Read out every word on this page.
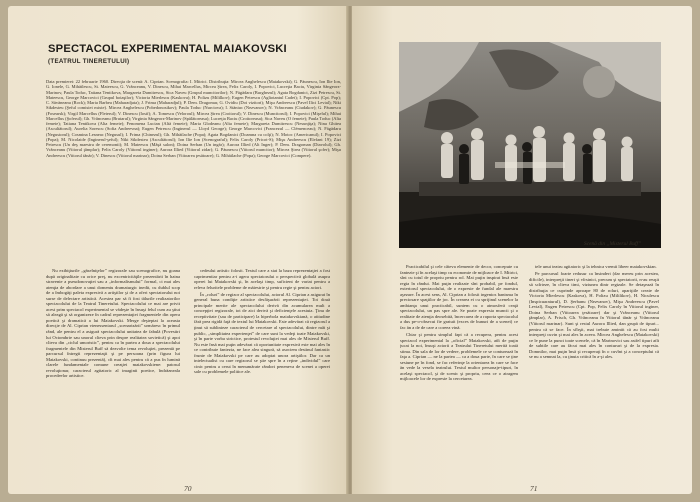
SPECTACOL EXPERIMENTAL MAIAKOVSKI
(TEATRUL TINERETULUI)
Data premierei: 22 februarie 1960. Direcţia de scenă: A. Ciprian. Scenografia: I. Mitrici. Distribuţia: Mircea Anghelescu (Maiakovski); G. Păunescu, Ion Ilie Ion, G. Ionele, G. Mihăilescu, St. Mateescu, G. Vrânceanu, V. Dinescu, Mihai Marcellus, Mircea Şirea, Felix Caroly, I. Popovici, Lucreţia Baciu, Virginia Sângeorz-Marinov, Paula Toduc, Tatiana Tentikova, Margareta Dumitrescu, Sica Naveu (Grupul muncitorilor); N. Făgădaru (Burghezul); Agata Bogdanici, Zizi Petrescu, St. Mateescu, George Marcovici (Grupul boiaşilor); Victoria Mierlescu (Kaskova); H. Polizu (Mililkov); Eugen Petrescu (Agliotantul Cadet); I. Popovici (Cpt. Pop); C. Săvăneanu (Rock); Maria Barbea (Maharadjata); J. Frima (Maharadjul); P. Dem. Dragomar, G. Ovidiu (Doi vizitori); Mişu Andreescu (Pavel Ilici Levial); Niki Sikdesteu (Şeful comisiei mixte). Mircea Anghelescu (Pobedonosikov); Paula Toduc (Nurciova); I. Stăniuc (Nezvanov); N. Vrânceanu (Ciudakov); G. Păunescu (Fosearsk); Virgil Marcellus (Fleierul); V. Dinescu (Iosif); A. Tomescu (Veloroul); Mircea Şirea (Croitorul); V. Dinescu (Muncitorul); I. Popovici (Mişelul); Mihai Marcellus (Şoferul); Gh. Vrânceanu (Brutarul); Virginia Sângeorz-Marinov (Spălătoreasa); Lucreţia Baciu (Croitoreasa); Sica Naveu (O femeie); Paula Toduc (Alta femeie); Tatiana Tentikova (Alta femeie); Fenomena Lucian (Altă femeie); Maria Glodeanu (Alta femeie); Margareta Dumitrescu (Nesunjiţa); Nina Ghitea (Ascultătorul); Aurelia Sorescu (Sofia Andreevna); Eugen Petrescu (Inginerul — Lloyd George); George Marcovici (Francezul — Clémenceau); N. Făgădaru (Negustorul); Cosmina Lesneac (Negusul); I. Frima (Chinezul); Gh. Mihăilache (Popa); Agata Bogdanici (Doamna cu colţi); N. Motoc (Americanul); I. Popovici (Popa); M. Nicolaide (Inginerul-şeful); Niki Sikdesteu (Ascultătorul); Ion Ilie Ion (Scenograful); Felix Caroly (Pricot-S); Mişu Andreescu (Elefant 19); Zizi Petrescu (Un deş maestru de ceremonii); M. Mateescu (Mâşă salon); Doina Serban (Un ingăr); Aurora Illied (Alt Inger); P. Dem. Dragoman (Diavolul); Gh. Vrânceanu (Viitorul ţâmplar); Felix Caroly (Viitorul inginer); Aurora Illied (Viitorul zidar); G. Păunescu (Viitorul muncitor); Mircea Şirea (Viitorul şofer); Mişu Andreescu (Viitorul tânăr); V. Dinescu (Viitorul marinar); Doina Serban (Viitoarea ţesătoare); G. Mihăilache (Popa); George Marcovici (Compere).

Nu exibiţiurile „găselniţelor” regizorale sau scenografice, nu goana după originalitate cu orice preţ, nu excentricităţile prezentării în haina stravenie a pseudonovaţiei sau a „informalismului” formal, ci mai ales atenţia de abordare a unui domeniu dramaturgic inedit, cu dublul scop de a îmbogăţi paleta expresivă a artiştilor şi de a oferi spectatorului noi surse de delectare artistică. Acestea par să fi fost tălurile realizatorilor spectacolului de la Teatrul Tineretului. Spectacolului ce mai are privit acest prim spectacol experimental se vădeşte în însuşi felul cum au ştiut să aleagă şi să organizeze în cadrul reprezentaţiei fragmentele din opera poetică şi dramatică a lui Maiakovski. Merge deşteptat la aceasta direcţie de Al. Ciprian vienessentarul „scenarizării” urmăresc în primul rând, ale pentru el a asigură spectacolului unitatea de fabulă (Povestiri lui Octombrie sau unorul clieva prin despre realitatea sovietică) şi apoi clieva din „ciclul umoristic”, pentru ca în partea a doua a spectacolului fragmentele din Misterul Buff să dezvolte tema revoluţiei, prezentă pe parcursul întregii reprezentaţii şi pe persoana (prin figura lui Maiakovski, continuu prezentă), cît mai ales pentru că a pus în lumină clarele fundamentale comune creaţiei maiakovskiene: patosul revoluţionar, caracterul agitatoric al imaginii poetice, îndrăzneala procedeelor artistice.

cedeului artistic folosit. Textul care a stat la baza reprezentaţiei a fost caprimentiar pentru a-i agera spectatorului o perspectivă globală asupra operei lui Maiakovski şi, în acelaşi timp, suficient de variat pentru a releva feluritele probleme de măiestrie şi pentru regie şi pentru actori.

În „roluri” de regizor al spectacolului, actorul Al. Ciprian a asigurat în general buna condiţie artistice desfăşurării reprezentaţiei. Tot două principale merite ale spectacolului derivă din acumularea mult a concepţiei regizorale, tot de aici derivă şi deficienţele acestuia. Ţinu de receptivitate (sau de participare) la hiperbola maiakovskiană, o atitudine fără prea rigidă faţă de textul lui Maiakovski. Este adevărat că regizorul a ţinut să sublinieze caracterul de cercetare al spectacolului, dintre mâi şi public, „simplitatea experienţei” de care sunt la vedeţi toate Maiakovski, şi în parte vorba strictice, protestul revoluţiei mai ales de Misterul Buff. Nu este însă mai puţin adevărat că oportunitate expresivă este mai ales în ce contribuie fantezia, ne face alea singură, să asociem destinul fantastic frunte de Maiakovski pe care au adoptat unora artiştilor. Dar ca un intelectualist cu care regizorul se ştie spre în a reţine „individul” care cinic pentru a cerut în menumărate rândori peneneva de scenei a operei sale cu problemele politice ale.

70
Scenă din „Misterul Buff”

Practicabilul şi cele câteva elemente de decor, concepute cu fantezie şi în acelaşi timp cu economie de mijloace de I. Mitrici, sînt cu totul de propriu pentru rol. Mai puţin inspirat însă este regia în rândui. Mai puţin realizate sînt probabil, pe fondul, exteriorul spectacolului, de o expresie de fundal ale maestru aşezare. În acest sens, Al. Ciprian a folosit ingenios banisma în preciosare spaţiilor de joc. În crearea ei cu sprijinul scenelor la ambianţa unui practicabil, suntem cu o atmosferă ceaţă spectacolului, un pas spre ale. Se poate expresia muncii şi o realitate de atenţia deosebită, încercarea de a raporta spectacolul a dus pe-o-obsecui fie gratuit (exces de bunuri de a scenei) ce fac ăn a de de care a coreea vină.

Chiar şi pentru simplul fapt că a recupera, pentru acest spectacol experimental la „oficial” Maiakovski, atît de puţin jucat la noi, însuşi actorii a Teatrului Tineretului merită toată stima. Din sala de lor de vedere, problemele ce se conturează în faţa a. Ciprian — ne la partea — ca a doua parte, în care se ţine sesiune pe în fond, se fac referinţe la orientarea în care se face ăn vede la vesela teatrului. Textul multor personaje-tipuri, în acelaşi spectacol, şi de scenic şi propriu, ceea ce o atragem mijloacele lor de expresie la cercetarea.

tele unui teatru agitatoric şi la tehnica vremii libeer maiakovskian.

Pe parcursul foarte redusur ca însinderi (dar mereu prin acestea, dificile), interpreţii tineri şi vîrstnici, precum şi spectatorii, n-au reuşit să scîrteze, în clieva timi, viziunea dintr regizale. Se detaşează în distribuţia ce cuprinde aproape 80 de roluri, apariţiile create de Victoria Mierlescu (Kaskova), H. Polizu (Mililikov), H. Niculescu (Inspicuaraturul), D. Şerbanu (Nezvanov), Mişu Andreescu (Pavel Levial), Eugen Petrescu (Cpt. Pop, Felix Caroly în Viitorul inginer, Doina Serban (Viitoarea ţesătoare) dar şi Vrânceanu (Viitorul ţâmplar), A. Frisch, Gh. Vrânceanu în Viitorul tânăr şi Vrânceanu (Viitorul marinar). Sunt şi restul Aurora Illied, dan grupă de tipuri... pentru că se face. În sfîrşit, mai trebuie amintit că au fost multi interpreţi cuvin şi mai ales în aceea. Mircea Anghelescu (Maiakovski) ce le pune la punct toate scenele, că în Marinovici sau astfel tipuri atît de subtile care au făcut mai ales în contururi şi de la expresia. Domnilor, mai puţin însă şi recuperaţi în o cuvînt şi a conceptului că se nu a semnat la, cu ţinuta critică în a-şi ales.

71
